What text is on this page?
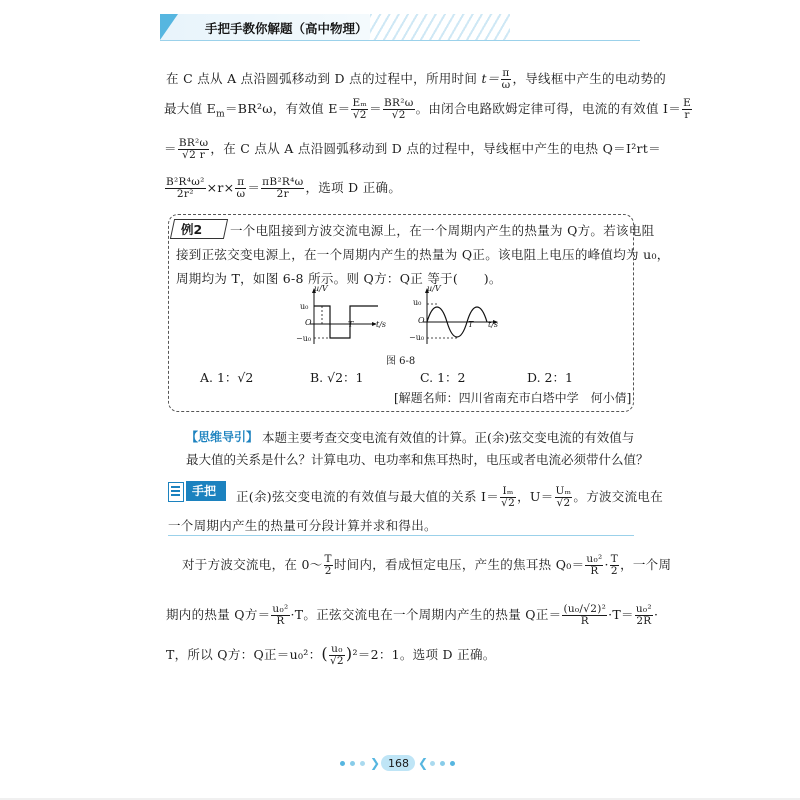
手把手教你解题（高中物理）
在 C 点从 A 点沿圆弧移动到 D 点的过程中，所用时间 $t= \frac{\pi}{\omega}$ ，导线框中产生的电动势的
最大值 $E_m=BR^2\omega$，有效值 $E= \frac{\text{Eₘ}}{√2} = \frac{\text{BR²ω}}{√2}$ 。由闭合电路欧姆定律可得，电流的有效值 $I= \frac{E}{r}$
＝ $\frac{\text{BR²ω}}{√2 r}$ ，在 C 点从 A 点沿圆弧移动到 D 点的过程中，导线框中产生的电热 Q＝I²rt＝
$\frac{\text{B²R⁴ω²}}{\text{2r²}} \times r\times \frac{\pi}{\omega} = \frac{\text{πB²R⁴ω}}{2r}$ ，选项 D 正确。
例2 一个电阻接到方波交流电源上，在一个周期内产生的热量为 Q方。若该电阻
接到正弦交变电源上，在一个周期内产生的热量为 Q正。该电阻上电压的峰值均为 u₀，
周期均为 T，如图 6-8 所示。则 Q方：Q正 等于(　　)。
u/V
t/s
u₀
−u₀
O	T
u/V
t/s
u₀
−u₀
O	T
图 6-8
A. 1：√2	B. √2：1	C. 1：2	D. 2：1
[解题名师：四川省南充市白塔中学　何小倩]
【思维导引】 本题主要考查交变电流有效值的计算。正(余)弦交变电流的有效值与
最大值的关系是什么？计算电功、电功率和焦耳热时，电压或者电流必须带什么值？
手把手
正(余)弦交变电流的有效值与最大值的关系 $I= \frac{\text{Iₘ}}{√2}$ ，$U= \frac{\text{Uₘ}}{√2}$ 。方波交流电在
一个周期内产生的热量可分段计算并求和得出。
对于方波交流电，在 0～ $\frac{T}{2}$ 时间内，看成恒定电压，产生的焦耳热 $Q_0= \frac{\text{u₀²}}{R} \cdot \frac{T}{2}$ ，一个周
期内的热量 Q方＝ $\frac{\text{u₀²}}{R} \cdot T$。正弦交流电在一个周期内产生的热量 Q正＝ $\frac{\text{(u₀/√2)²}}{R} \cdot T= \frac{\text{u₀²}}{2R}$ ·
T，所以 Q方：Q正＝u₀²：( $\frac{\text{u₀}}{√2} )^2=2$：1。选项 D 正确。
❯ 168 ❮
